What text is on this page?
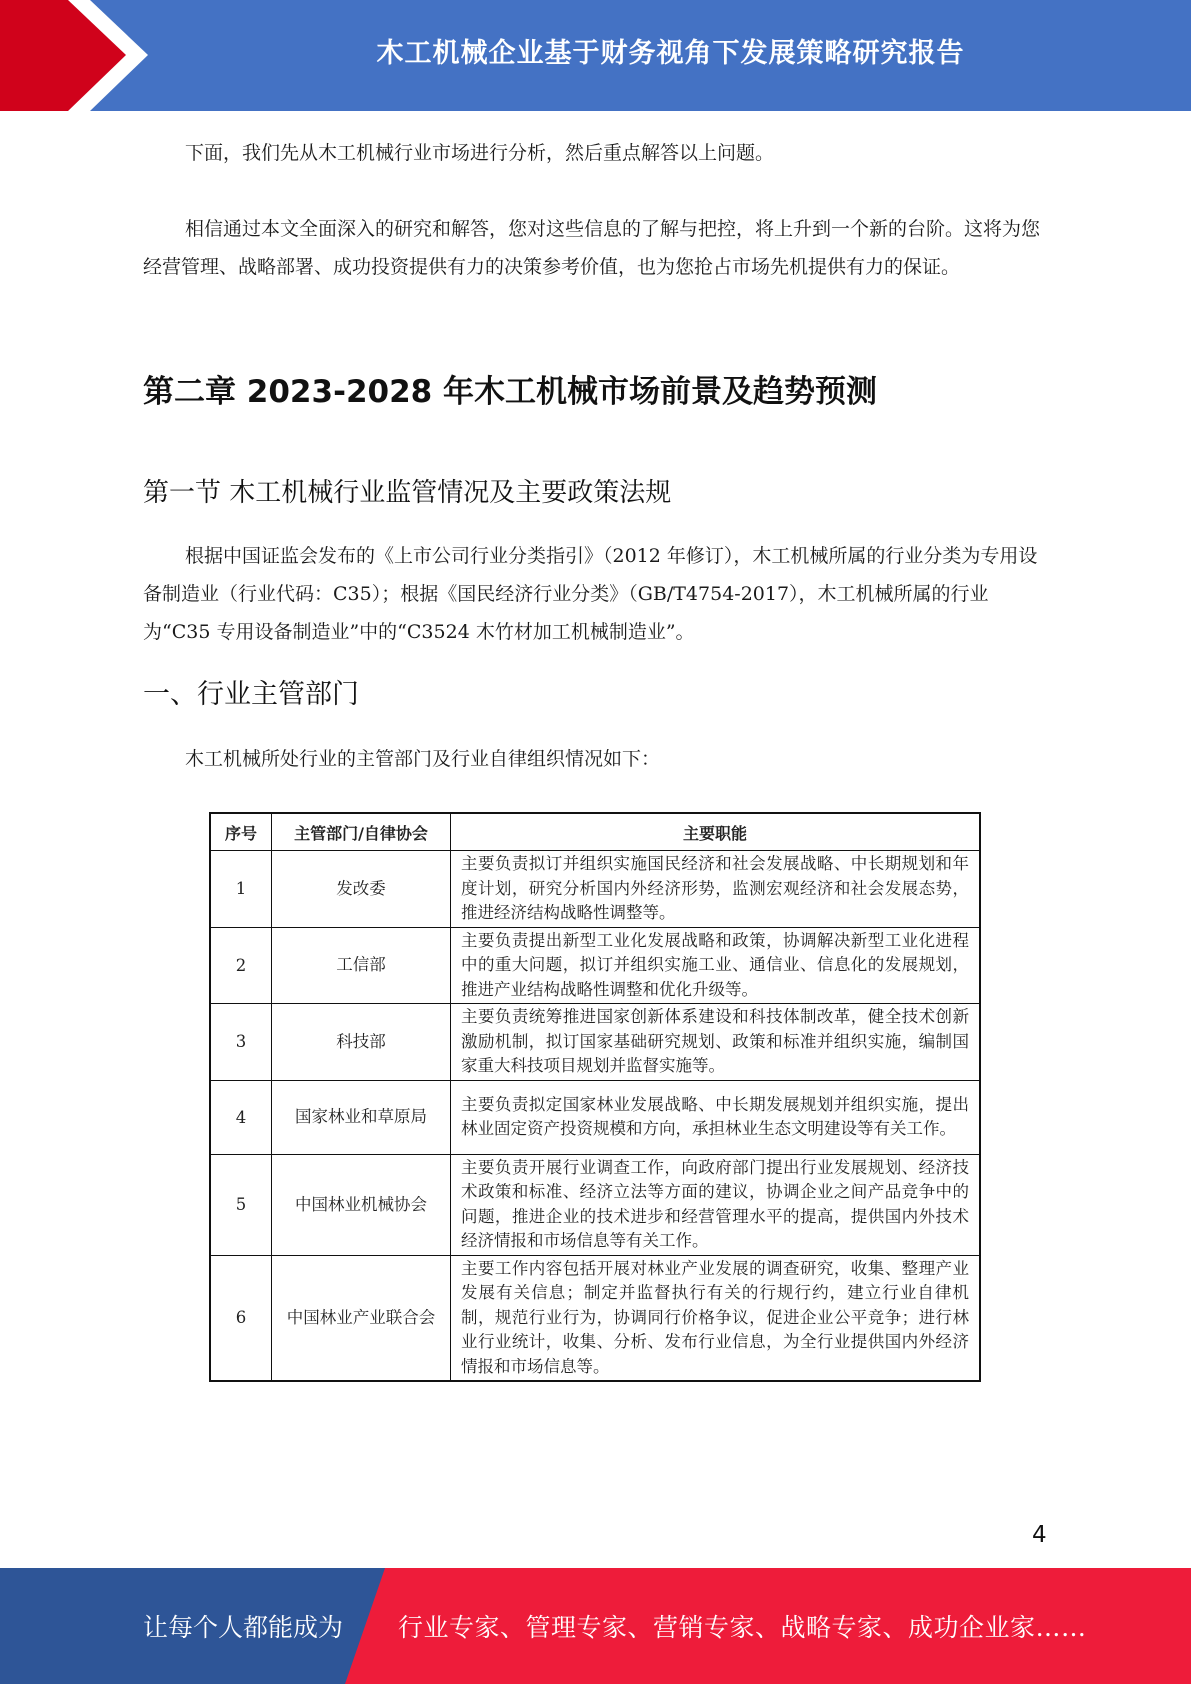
木工机械企业基于财务视角下发展策略研究报告

下面，我们先从木工机械行业市场进行分析，然后重点解答以上问题。

相信通过本文全面深入的研究和解答，您对这些信息的了解与把控，将上升到一个新的台阶。这将为您经营管理、战略部署、成功投资提供有力的决策参考价值，也为您抢占市场先机提供有力的保证。

第二章 2023-2028 年木工机械市场前景及趋势预测
第一节 木工机械行业监管情况及主要政策法规

根据中国证监会发布的《上市公司行业分类指引》（2012 年修订），木工机械所属的行业分类为专用设备制造业（行业代码：C35）；根据《国民经济行业分类》（GB/T4754-2017），木工机械所属的行业为“C35 专用设备制造业”中的“C3524 木竹材加工机械制造业”。

一、行业主管部门

木工机械所处行业的主管部门及行业自律组织情况如下：

序号	主管部门/自律协会	主要职能
1	发改委	主要负责拟订并组织实施国民经济和社会发展战略、中长期规划和年度计划，研究分析国内外经济形势，监测宏观经济和社会发展态势，推进经济结构战略性调整等。
2	工信部	主要负责提出新型工业化发展战略和政策，协调解决新型工业化进程中的重大问题，拟订并组织实施工业、通信业、信息化的发展规划，推进产业结构战略性调整和优化升级等。
3	科技部	主要负责统筹推进国家创新体系建设和科技体制改革，健全技术创新激励机制，拟订国家基础研究规划、政策和标准并组织实施，编制国家重大科技项目规划并监督实施等。
4	国家林业和草原局	主要负责拟定国家林业发展战略、中长期发展规划并组织实施，提出林业固定资产投资规模和方向，承担林业生态文明建设等有关工作。
5	中国林业机械协会	主要负责开展行业调查工作，向政府部门提出行业发展规划、经济技术政策和标准、经济立法等方面的建议，协调企业之间产品竞争中的问题，推进企业的技术进步和经营管理水平的提高，提供国内外技术经济情报和市场信息等有关工作。
6	中国林业产业联合会	主要工作内容包括开展对林业产业发展的调查研究，收集、整理产业发展有关信息；制定并监督执行有关的行规行约，建立行业自律机制，规范行业行为，协调同行价格争议，促进企业公平竞争；进行林业行业统计，收集、分析、发布行业信息，为全行业提供国内外经济情报和市场信息等。
4
让每个人都能成为 行业专家、管理专家、营销专家、战略专家、成功企业家……
